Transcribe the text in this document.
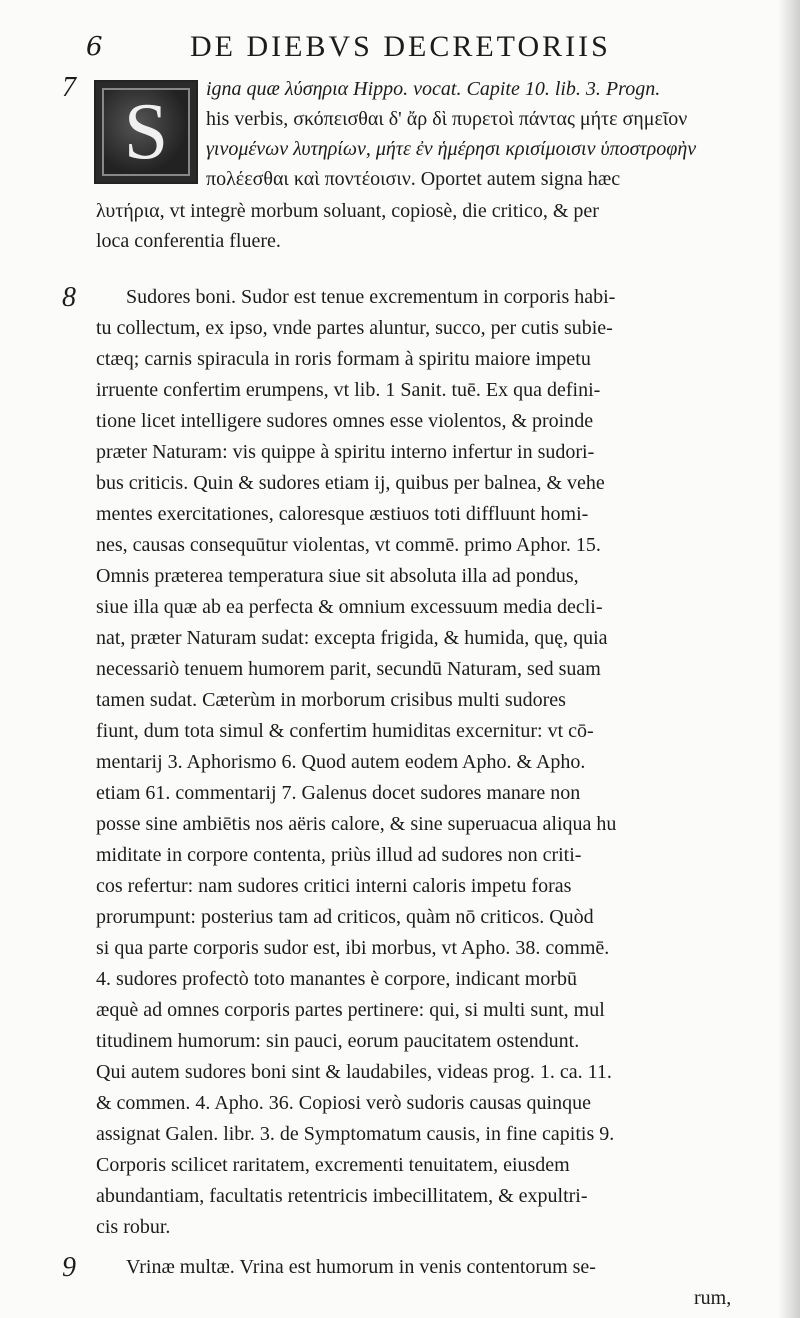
6	DE DIEBVS DECRETORIIS
7
S igna quæ λύσηρια Hippo. vocat. Capite 10. lib. 3. Progn.
his verbis, σκόπεισθαι δ' ἄρ δὶ πυρετοὶ πάντας μήτε σημεῖον
γινομένων λυτηρίων, μήτε ἐν ἡμέρησι κρισίμοισιν ὑποστροφὴν
πολέεσθαι καὶ ποντέοισιν. Oportet autem signa hæc
λυτήρια, vt integrè morbum soluant, copiosè, die critico, & per
loca conferentia fluere.
8	Sudores boni. Sudor est tenue excrementum in corporis habi-
tu collectum, ex ipso, vnde partes aluntur, succo, per cutis subie-
ctæq; carnis spiracula in roris formam à spiritu maiore impetu
irruente confertim erumpens, vt lib. 1 Sanit. tuē. Ex qua defini-
tione licet intelligere sudores omnes esse violentos, & proinde
præter Naturam: vis quippe à spiritu interno infertur in sudori-
bus criticis. Quin & sudores etiam ij, quibus per balnea, & vehe
mentes exercitationes, caloresque æstiuos toti diffluunt homi-
nes, causas consequūtur violentas, vt commē. primo Aphor. 15.
Omnis præterea temperatura siue sit absoluta illa ad pondus,
siue illa quæ ab ea perfecta & omnium excessuum media decli-
nat, præter Naturam sudat: excepta frigida, & humida, quę, quia
necessariò tenuem humorem parit, secundū Naturam, sed suam
tamen sudat. Cæterùm in morborum crisibus multi sudores
fiunt, dum tota simul & confertim humiditas excernitur: vt cō-
mentarij 3. Aphorismo 6. Quod autem eodem Apho. & Apho.
etiam 61. commentarij 7. Galenus docet sudores manare non
posse sine ambiētis nos aëris calore, & sine superuacua aliqua hu
miditate in corpore contenta, priùs illud ad sudores non criti-
cos refertur: nam sudores critici interni caloris impetu foras
prorumpunt: posterius tam ad criticos, quàm nō criticos. Quòd
si qua parte corporis sudor est, ibi morbus, vt Apho. 38. commē.
4. sudores profectò toto manantes è corpore, indicant morbū
æquè ad omnes corporis partes pertinere: qui, si multi sunt, mul
titudinem humorum: sin pauci, eorum paucitatem ostendunt.
Qui autem sudores boni sint & laudabiles, videas prog. 1. ca. 11.
& commen. 4. Apho. 36. Copiosi verò sudoris causas quinque
assignat Galen. libr. 3. de Symptomatum causis, in fine capitis 9.
Corporis scilicet raritatem, excrementi tenuitatem, eiusdem
abundantiam, facultatis retentricis imbecillitatem, & expultri-
cis robur.
9	Vrinæ multæ. Vrina est humorum in venis contentorum se-
rum,
